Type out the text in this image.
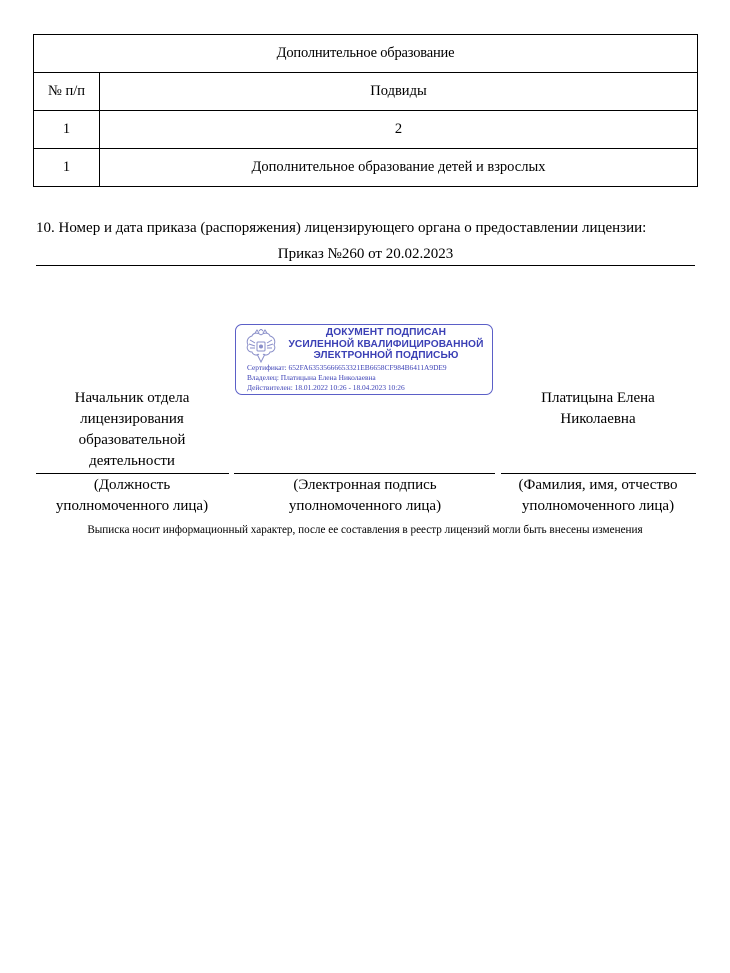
Дополнительное образование	
№ п/п	Подвиды
1	2
1	Дополнительное образование детей и взрослых
10. Номер и дата приказа (распоряжения) лицензирующего органа о предоставлении лицензии:
Приказ №260 от 20.02.2023
ДОКУМЕНТ ПОДПИСАН
УСИЛЕННОЙ КВАЛИФИЦИРОВАННОЙ
ЭЛЕКТРОННОЙ ПОДПИСЬЮ
Сертификат: 652FA63535666653321EB6658CF984B6411A9DE9
Владелец: Платицына Елена Николаевна
Действителен: 18.01.2022 10:26 - 18.04.2023 10:26
Начальник отдела
лицензирования
образовательной
деятельности
Платицына Елена
Николаевна
(Должность
уполномоченного лица)
(Электронная подпись
уполномоченного лица)
(Фамилия, имя, отчество
уполномоченного лица)
Выписка носит информационный характер, после ее составления в реестр лицензий могли быть внесены изменения
